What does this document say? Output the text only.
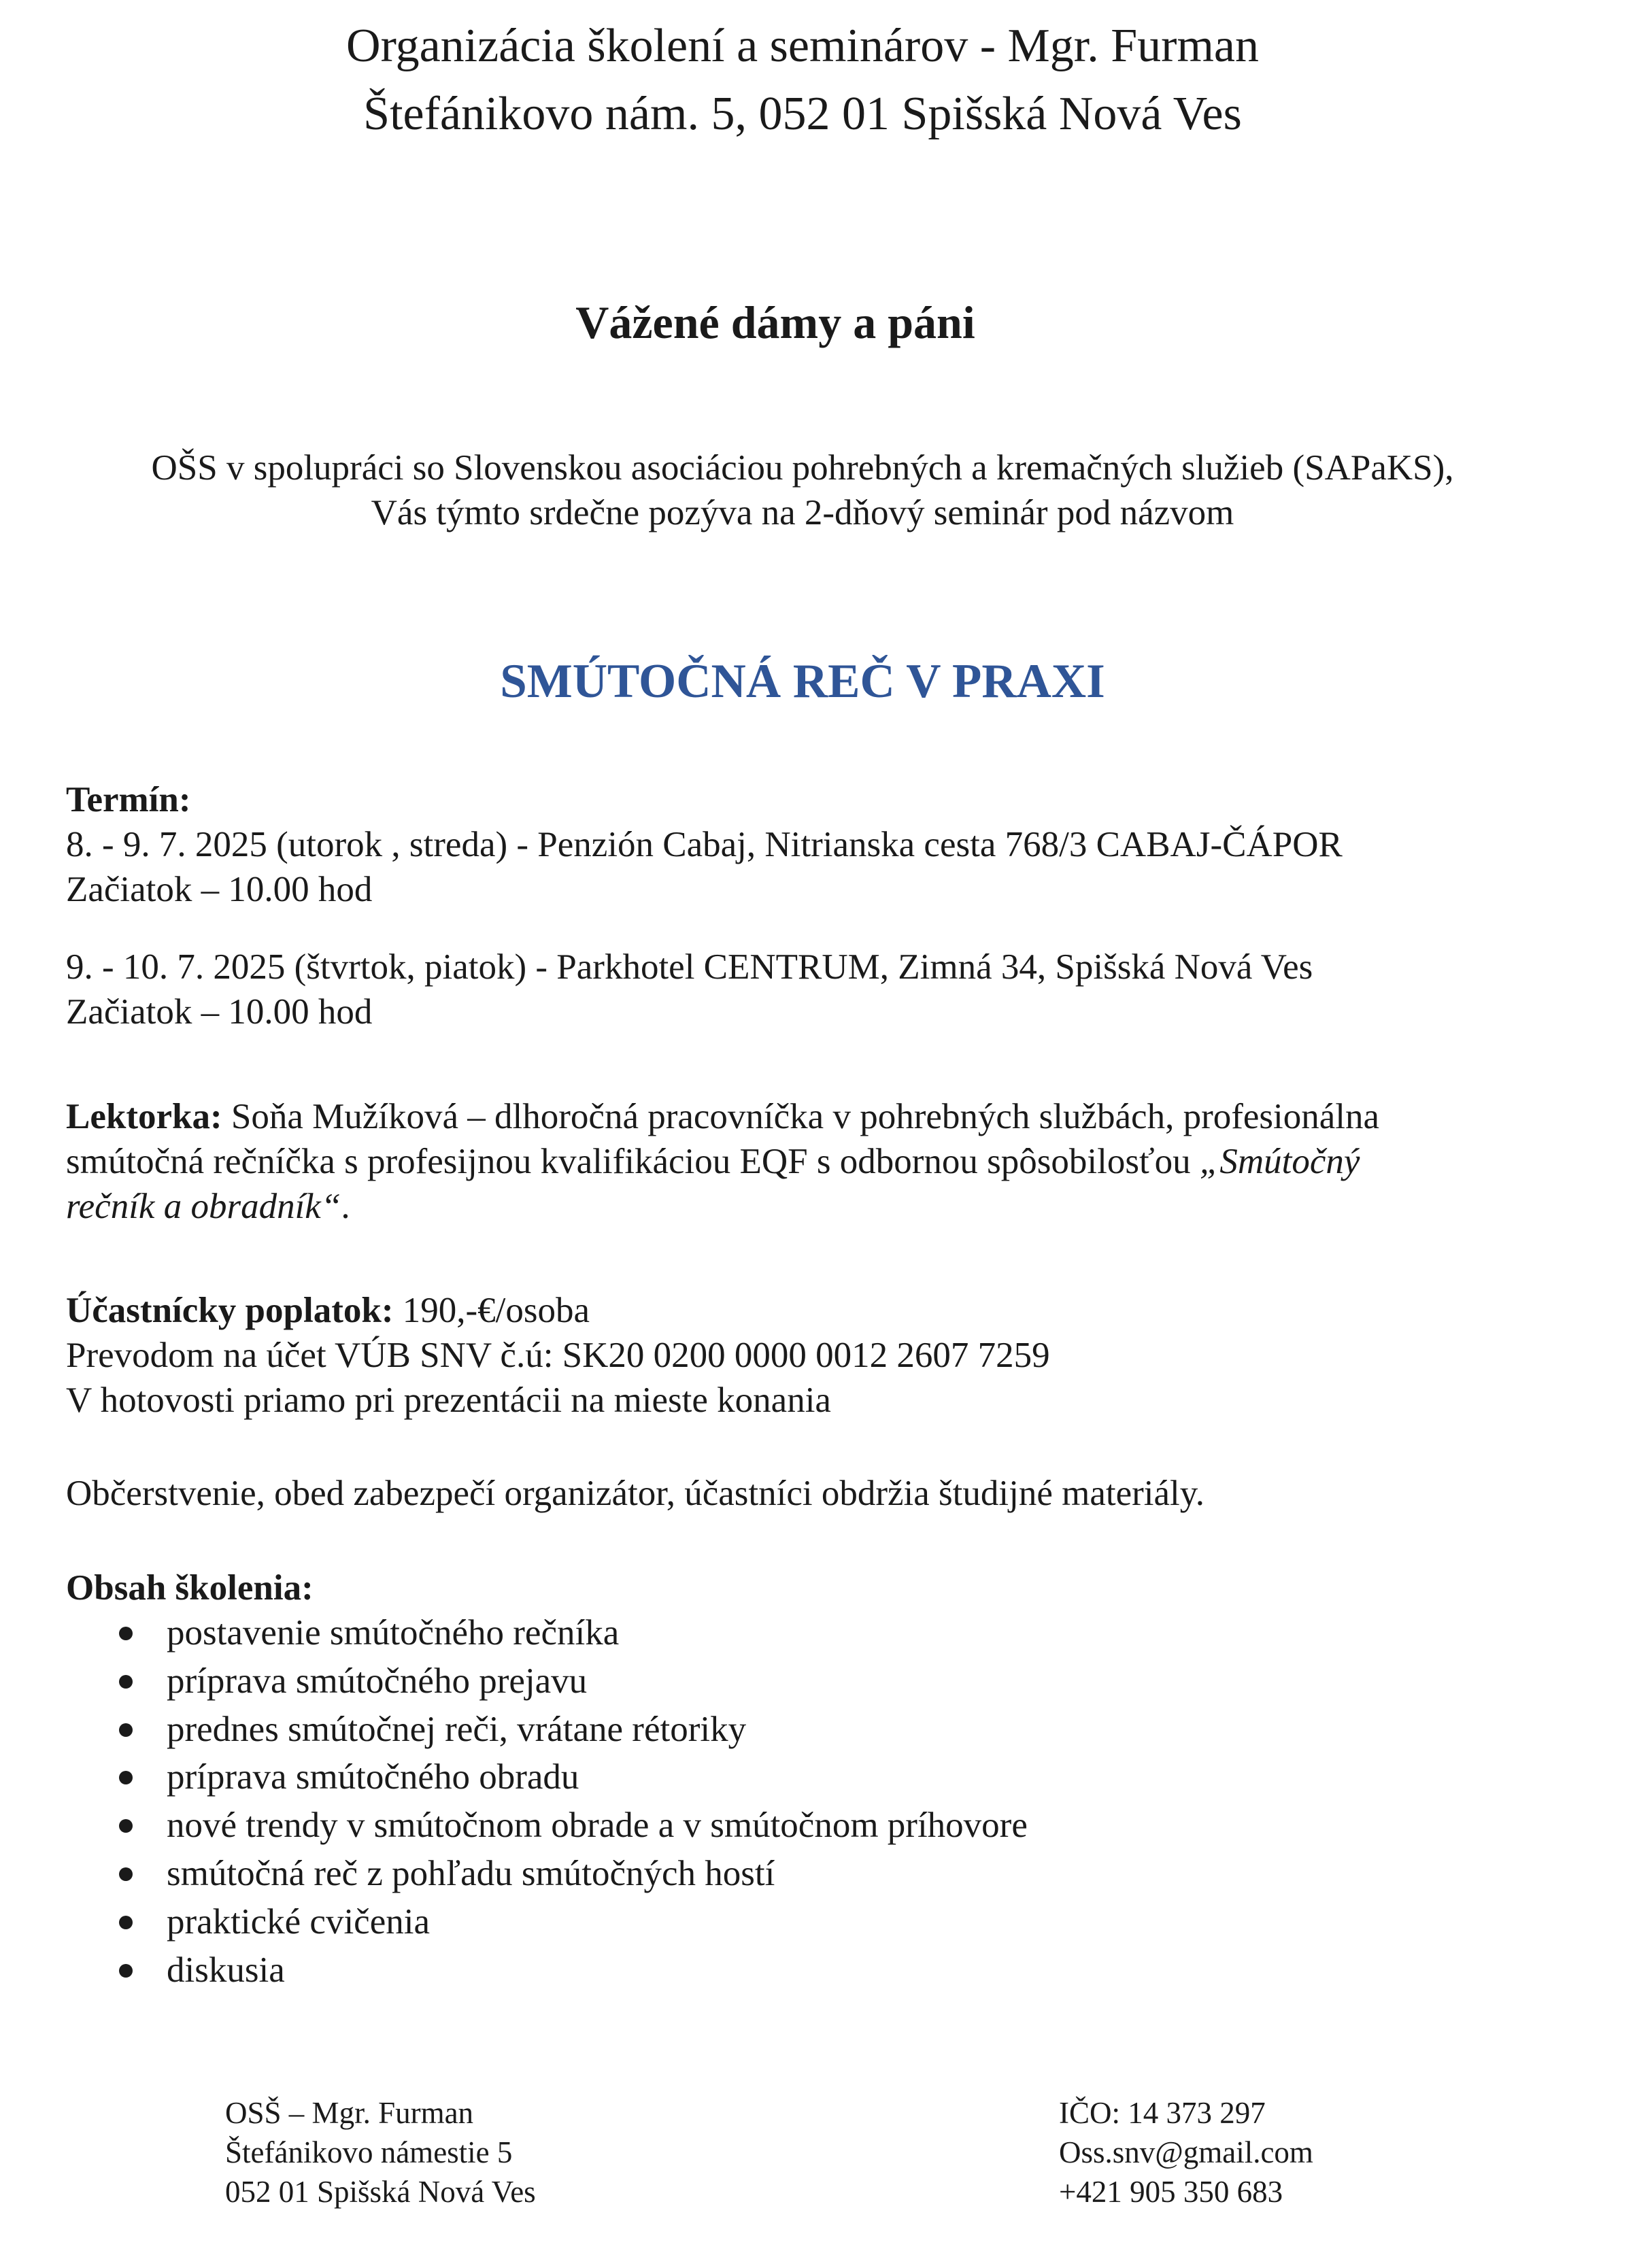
Organizácia školení a seminárov - Mgr. Furman
Štefánikovo nám. 5, 052 01 Spišská Nová Ves
Vážené dámy a páni
OŠS v spolupráci so Slovenskou asociáciou pohrebných a kremačných služieb (SAPaKS),
Vás týmto srdečne pozýva na 2-dňový seminár pod názvom
SMÚTOČNÁ REČ V PRAXI
Termín:
8. - 9. 7. 2025 (utorok , streda) - Penzión Cabaj, Nitrianska cesta 768/3 CABAJ-ČÁPOR
Začiatok – 10.00 hod
9. - 10. 7. 2025 (štvrtok, piatok) - Parkhotel CENTRUM, Zimná 34, Spišská Nová Ves
Začiatok – 10.00 hod
Lektorka: Soňa Mužíková – dlhoročná pracovníčka v pohrebných službách, profesionálna
smútočná rečníčka s profesijnou kvalifikáciou EQF s odbornou spôsobilosťou „Smútočný
rečník a obradník“.
Účastnícky poplatok: 190,-€/osoba
Prevodom na účet VÚB SNV č.ú: SK20 0200 0000 0012 2607 7259
V hotovosti priamo pri prezentácii na mieste konania
Občerstvenie, obed zabezpečí organizátor, účastníci obdržia študijné materiály.
Obsah školenia:
postavenie smútočného rečníka
príprava smútočného prejavu
prednes smútočnej reči, vrátane rétoriky
príprava smútočného obradu
nové trendy v smútočnom obrade a v smútočnom príhovore
smútočná reč z pohľadu smútočných hostí
praktické cvičenia
diskusia
OSŠ – Mgr. Furman
Štefánikovo námestie 5
052 01 Spišská Nová Ves
IČO: 14 373 297
Oss.snv@gmail.com
+421 905 350 683
